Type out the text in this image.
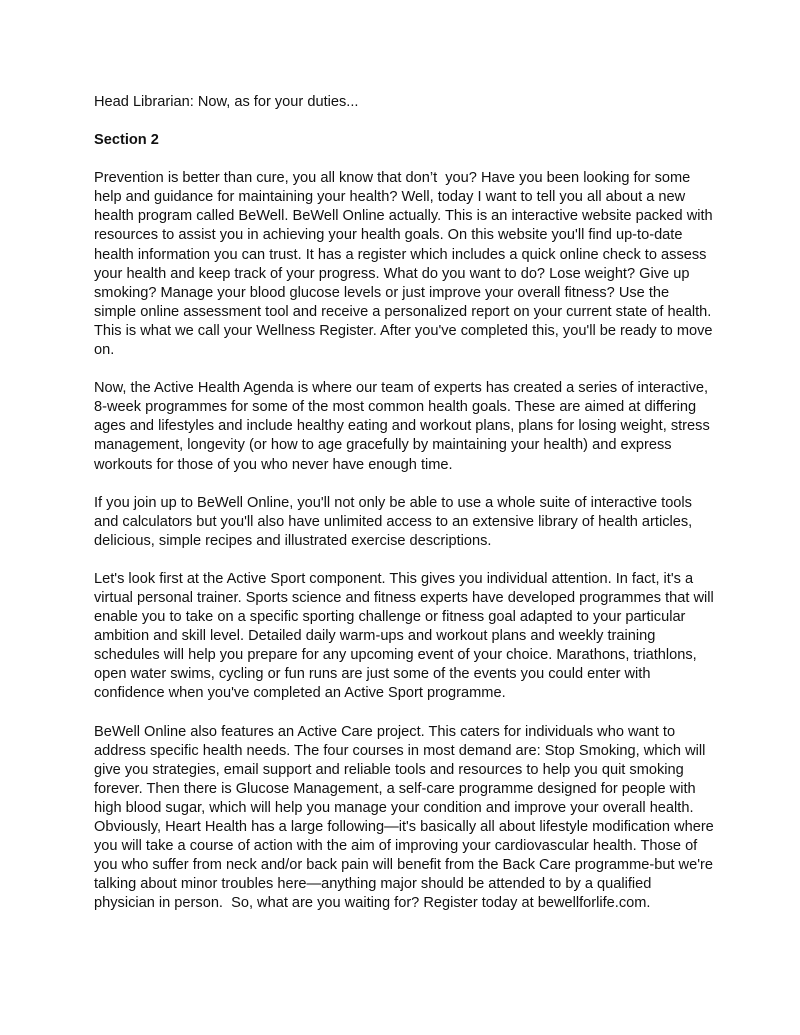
Head Librarian: Now, as for your duties...

Section 2

Prevention is better than cure, you all know that don’t  you? Have you been looking for some

help and guidance for maintaining your health? Well, today I want to tell you all about a new

health program called BeWell. BeWell Online actually. This is an interactive website packed with

resources to assist you in achieving your health goals. On this website you'll find up-to-date

health information you can trust. It has a register which includes a quick online check to assess

your health and keep track of your progress. What do you want to do? Lose weight? Give up

smoking? Manage your blood glucose levels or just improve your overall fitness? Use the

simple online assessment tool and receive a personalized report on your current state of health.

This is what we call your Wellness Register. After you've completed this, you'll be ready to move

on.

Now, the Active Health Agenda is where our team of experts has created a series of interactive,

8-week programmes for some of the most common health goals. These are aimed at differing

ages and lifestyles and include healthy eating and workout plans, plans for losing weight, stress

management, longevity (or how to age gracefully by maintaining your health) and express

workouts for those of you who never have enough time.

If you join up to BeWell Online, you'll not only be able to use a whole suite of interactive tools

and calculators but you'll also have unlimited access to an extensive library of health articles,

delicious, simple recipes and illustrated exercise descriptions.

Let's look first at the Active Sport component. This gives you individual attention. In fact, it's a

virtual personal trainer. Sports science and fitness experts have developed programmes that will

enable you to take on a specific sporting challenge or fitness goal adapted to your particular

ambition and skill level. Detailed daily warm-ups and workout plans and weekly training

schedules will help you prepare for any upcoming event of your choice. Marathons, triathlons,

open water swims, cycling or fun runs are just some of the events you could enter with

confidence when you've completed an Active Sport programme.

BeWell Online also features an Active Care project. This caters for individuals who want to

address specific health needs. The four courses in most demand are: Stop Smoking, which will

give you strategies, email support and reliable tools and resources to help you quit smoking

forever. Then there is Glucose Management, a self-care programme designed for people with

high blood sugar, which will help you manage your condition and improve your overall health.

Obviously, Heart Health has a large following—it's basically all about lifestyle modification where

you will take a course of action with the aim of improving your cardiovascular health. Those of

you who suffer from neck and/or back pain will benefit from the Back Care programme-but we're

talking about minor troubles here—anything major should be attended to by a qualified

physician in person.  So, what are you waiting for? Register today at bewellforlife.com.
